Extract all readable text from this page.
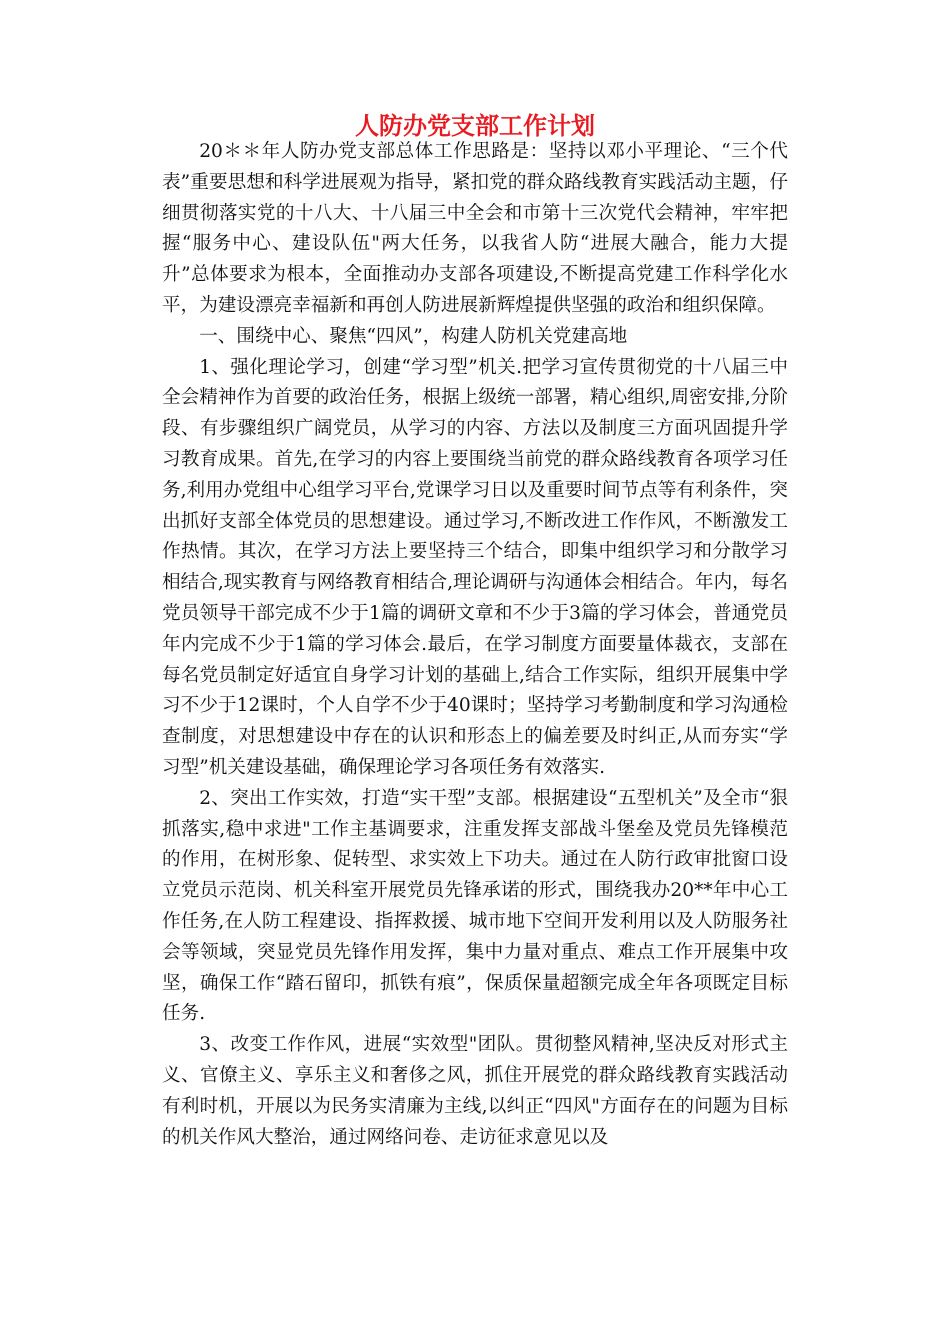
人防办党支部工作计划

20＊＊年人防办党支部总体工作思路是：坚持以邓小平理论、“三个代表”重要思想和科学进展观为指导，紧扣党的群众路线教育实践活动主题，仔细贯彻落实党的十八大、十八届三中全会和市第十三次党代会精神，牢牢把握“服务中心、建设队伍"两大任务，以我省人防“进展大融合，能力大提升”总体要求为根本，全面推动办支部各项建设,不断提高党建工作科学化水平，为建设漂亮幸福新和再创人防进展新辉煌提供坚强的政治和组织保障。

一、围绕中心、聚焦“四风”，构建人防机关党建高地

1、强化理论学习，创建“学习型”机关.把学习宣传贯彻党的十八届三中全会精神作为首要的政治任务，根据上级统一部署，精心组织,周密安排,分阶段、有步骤组织广阔党员，从学习的内容、方法以及制度三方面巩固提升学习教育成果。首先,在学习的内容上要围绕当前党的群众路线教育各项学习任务,利用办党组中心组学习平台,党课学习日以及重要时间节点等有利条件，突出抓好支部全体党员的思想建设。通过学习,不断改进工作作风，不断激发工作热情。其次，在学习方法上要坚持三个结合，即集中组织学习和分散学习相结合,现实教育与网络教育相结合,理论调研与沟通体会相结合。年内，每名党员领导干部完成不少于1篇的调研文章和不少于3篇的学习体会，普通党员年内完成不少于1篇的学习体会.最后，在学习制度方面要量体裁衣，支部在每名党员制定好适宜自身学习计划的基础上,结合工作实际，组织开展集中学习不少于12课时，个人自学不少于40课时；坚持学习考勤制度和学习沟通检查制度，对思想建设中存在的认识和形态上的偏差要及时纠正,从而夯实“学习型”机关建设基础，确保理论学习各项任务有效落实.

2、突出工作实效，打造“实干型”支部。根据建设“五型机关”及全市“狠抓落实,稳中求进"工作主基调要求，注重发挥支部战斗堡垒及党员先锋模范的作用，在树形象、促转型、求实效上下功夫。通过在人防行政审批窗口设立党员示范岗、机关科室开展党员先锋承诺的形式，围绕我办20**年中心工作任务,在人防工程建设、指挥救援、城市地下空间开发利用以及人防服务社会等领域，突显党员先锋作用发挥，集中力量对重点、难点工作开展集中攻坚，确保工作“踏石留印，抓铁有痕”，保质保量超额完成全年各项既定目标任务.

3、改变工作作风，进展“实效型"团队。贯彻整风精神,坚决反对形式主义、官僚主义、享乐主义和奢侈之风，抓住开展党的群众路线教育实践活动有利时机，开展以为民务实清廉为主线,以纠正“四风"方面存在的问题为目标的机关作风大整治，通过网络问卷、走访征求意见以及
